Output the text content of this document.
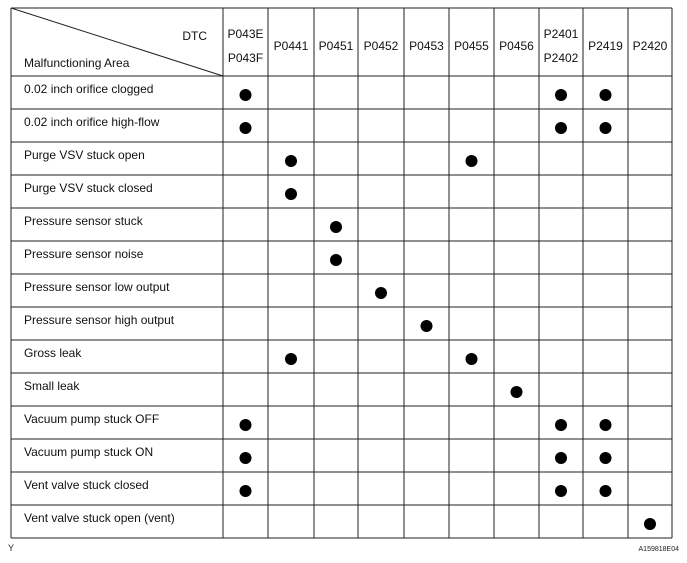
DTC
Malfunctioning Area
P043E
P043F
P0441 P0451 P0452 P0453 P0455 P0456
P2401
P2402
P2419 P2420
0.02 inch orifice clogged
0.02 inch orifice high-flow
Purge VSV stuck open
Purge VSV stuck closed
Pressure sensor stuck
Pressure sensor noise
Pressure sensor low output
Pressure sensor high output
Gross leak
Small leak
Vacuum pump stuck OFF
Vacuum pump stuck ON
Vent valve stuck closed
Vent valve stuck open (vent)
Y	A159818E04
